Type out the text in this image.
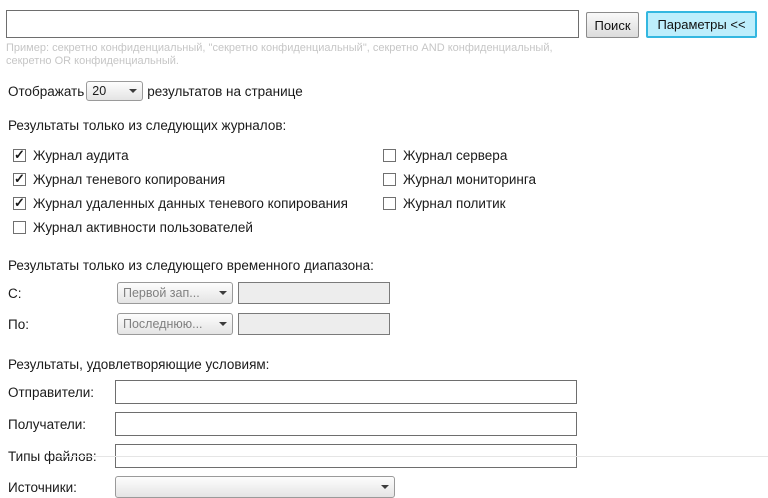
Поиск	Параметры <<
Пример: секретно конфиденциальный, "секретно конфиденциальный", секретно AND конфиденциальный, секретно OR конфиденциальный.
Отображать 20	результатов на странице
Результаты только из следующих журналов:
✓
Журнал аудита
✓
Журнал теневого копирования
✓
Журнал удаленных данных теневого копирования
Журнал активности пользователей
Журнал сервера
Журнал мониторинга
Журнал политик
Результаты только из следующего временного диапазона:
С:	Первой зап...
По:	Последнюю...
Результаты, удовлетворяющие условиям:
Отправители:
Получатели:
Типы файлов:
Источники:
